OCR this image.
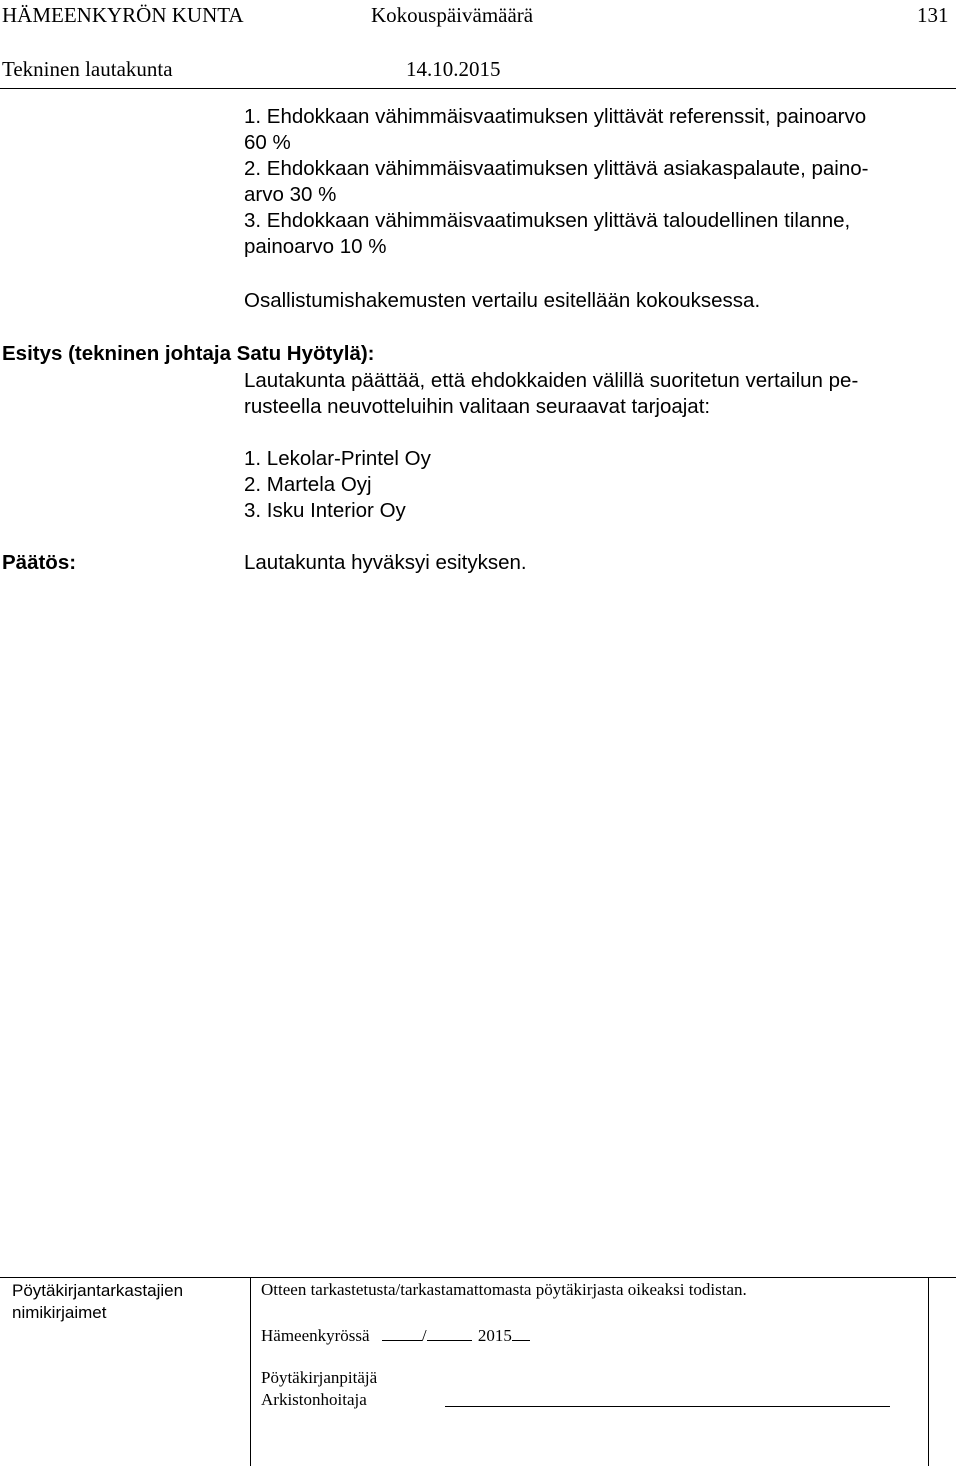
HÄMEENKYRÖN KUNTA	Kokouspäivämäärä	131
Tekninen lautakunta	14.10.2015
1. Ehdokkaan vähimmäisvaatimuksen ylittävät referenssit, painoarvo
60 %
2. Ehdokkaan vähimmäisvaatimuksen ylittävä asiakaspalaute, paino-
arvo 30 %
3. Ehdokkaan vähimmäisvaatimuksen ylittävä taloudellinen tilanne,
painoarvo 10 %
Osallistumishakemusten vertailu esitellään kokouksessa.
Esitys (tekninen johtaja Satu Hyötylä):
Lautakunta päättää, että ehdokkaiden välillä suoritetun vertailun pe-
rusteella neuvotteluihin valitaan seuraavat tarjoajat:
1. Lekolar-Printel Oy
2. Martela Oyj
3. Isku Interior Oy
Päätös:	Lautakunta hyväksyi esityksen.
Pöytäkirjantarkastajien
nimikirjaimet
Otteen tarkastetusta/tarkastamattomasta pöytäkirjasta oikeaksi todistan.
Hämeenkyrössä	/	2015
Pöytäkirjanpitäjä
Arkistonhoitaja
